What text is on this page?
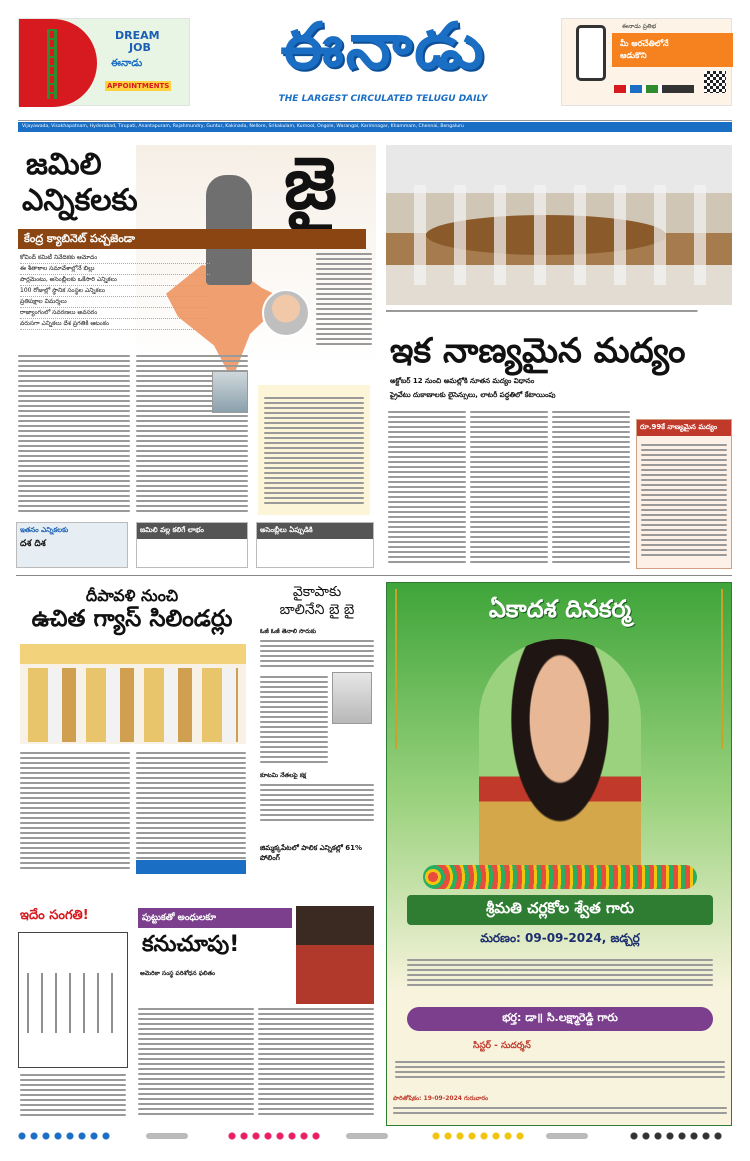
DREAM
JOB
ఈనాడు
APPOINTMENTS
ఈనాడు
THE LARGEST CIRCULATED TELUGU DAILY
ఈనాడు ప్రతిభ
మీ అరచేతిలోనే
ఆడుకొని
Vijayawada, Visakhapatnam, Hyderabad, Tirupati, Anantapuram, Rajahmundry, Guntur, Kakinada, Nellore, Srikakulam, Kurnool, Ongole, Warangal, Karimnagar, Khammam, Chennai, Bengaluru
జమిలి
ఎన్నికలకు జై
కేంద్ర క్యాబినెట్ పచ్చజెండా
కోవింద్ కమిటీ నివేదికకు ఆమోదం
ఈ శీతాకాల సమావేశాల్లోనే బిల్లు
పార్లమెంటు, అసెంబ్లీలకు ఒకేసారి ఎన్నికలు
100 రోజుల్లో స్థానిక సంస్థల ఎన్నికలు
ప్రతిపక్షాల విమర్శలు
రాజ్యాంగంలో సవరణలు అవసరం
వరుసగా ఎన్నికలు దేశ ప్రగతికి ఆటంకం
ఇతనం ఎన్నికలకు
దశ దిశ
జమిలి వల్ల కలిగే లాభం	అసెంబ్లీలు ఏప్పుడికి
ఇక నాణ్యమైన మద్యం
అక్టోబర్ 12 నుంచి అమల్లోకి నూతన మద్యం విధానం
ప్రైవేటు దుకాణాలకు లైసెన్సులు, లాటరీ పద్ధతిలో కేటాయింపు
రూ.99కే నాణ్యమైన మద్యం
దీపావళి నుంచి
ఉచిత గ్యాస్ సిలిండర్లు
వైకాపాకు
బాలినేని బై బై
ఓజీ ఓజీ తెనాలి సొరుకు
కూటమి నేతలపై కక్ష
జిమ్మక్కపేటలో పాలిక ఎన్నికల్లో 61% పోలింగ్
ఇదేం సంగతి!	పుట్టుకతో అంధులకూ
కనుచూపు!
అమెరికా సంస్థ పరిశోధన ఫలితం
ఏకాదశ దినకర్మ
శ్రీమతి చర్లకోల శ్వేత గారు
మరణం: 09-09-2024, జడ్చర్ల
భర్త: డా॥ సి.లక్ష్మారెడ్డి గారు
సిస్టర్ - సుదర్శన్
పారితోషికం: 19-09-2024 గురువారం
